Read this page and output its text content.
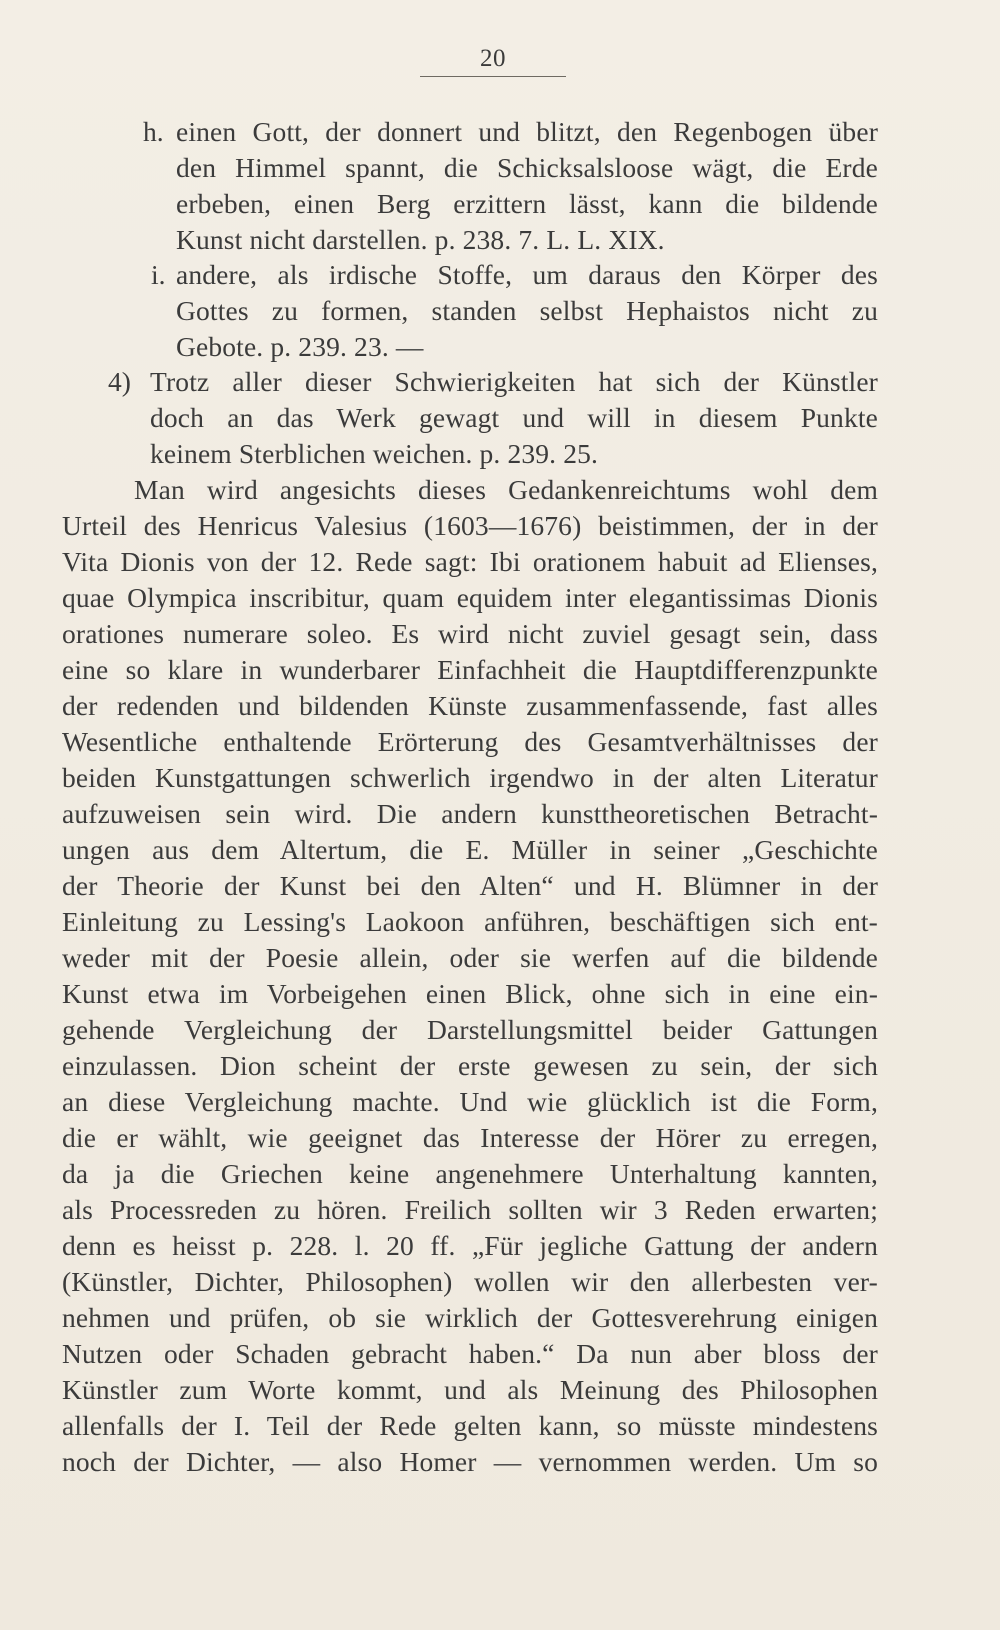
20
h. einen Gott, der donnert und blitzt, den Regenbogen über
den Himmel spannt, die Schicksalsloose wägt, die Erde
erbeben, einen Berg erzittern lässt, kann die bildende
Kunst nicht darstellen. p. 238. 7. L. L. XIX.
i. andere, als irdische Stoffe, um daraus den Körper des
Gottes zu formen, standen selbst Hephaistos nicht zu
Gebote. p. 239. 23. —
4) Trotz aller dieser Schwierigkeiten hat sich der Künstler
doch an das Werk gewagt und will in diesem Punkte
keinem Sterblichen weichen. p. 239. 25.
Man wird angesichts dieses Gedankenreichtums wohl dem
Urteil des Henricus Valesius (1603—1676) beistimmen, der in der
Vita Dionis von der 12. Rede sagt: Ibi orationem habuit ad Elienses,
quae Olympica inscribitur, quam equidem inter elegantissimas Dionis
orationes numerare soleo. Es wird nicht zuviel gesagt sein, dass
eine so klare in wunderbarer Einfachheit die Hauptdifferenzpunkte
der redenden und bildenden Künste zusammenfassende, fast alles
Wesentliche enthaltende Erörterung des Gesamtverhältnisses der
beiden Kunstgattungen schwerlich irgendwo in der alten Literatur
aufzuweisen sein wird. Die andern kunsttheoretischen Betracht-
ungen aus dem Altertum, die E. Müller in seiner „Geschichte
der Theorie der Kunst bei den Alten“ und H. Blümner in der
Einleitung zu Lessing's Laokoon anführen, beschäftigen sich ent-
weder mit der Poesie allein, oder sie werfen auf die bildende
Kunst etwa im Vorbeigehen einen Blick, ohne sich in eine ein-
gehende Vergleichung der Darstellungsmittel beider Gattungen
einzulassen. Dion scheint der erste gewesen zu sein, der sich
an diese Vergleichung machte. Und wie glücklich ist die Form,
die er wählt, wie geeignet das Interesse der Hörer zu erregen,
da ja die Griechen keine angenehmere Unterhaltung kannten,
als Processreden zu hören. Freilich sollten wir 3 Reden erwarten;
denn es heisst p. 228. l. 20 ff. „Für jegliche Gattung der andern
(Künstler, Dichter, Philosophen) wollen wir den allerbesten ver-
nehmen und prüfen, ob sie wirklich der Gottesverehrung einigen
Nutzen oder Schaden gebracht haben.“ Da nun aber bloss der
Künstler zum Worte kommt, und als Meinung des Philosophen
allenfalls der I. Teil der Rede gelten kann, so müsste mindestens
noch der Dichter, — also Homer — vernommen werden. Um so
